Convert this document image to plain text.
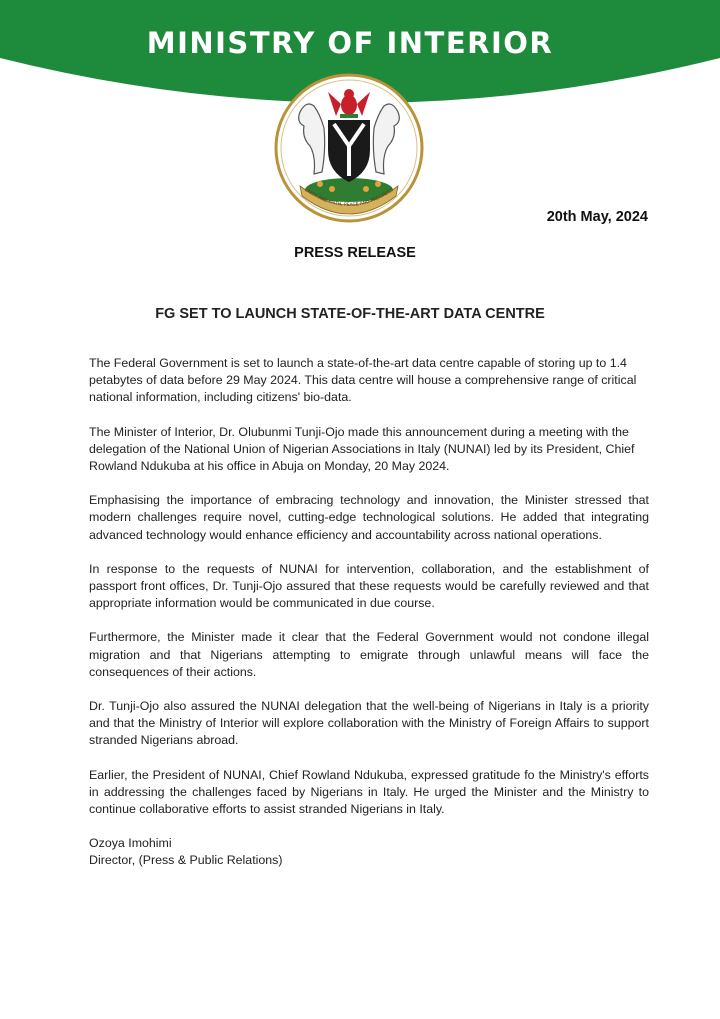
MINISTRY OF INTERIOR
UNITY AND FAITH, PEACE AND PROGRESS
20th May, 2024
PRESS RELEASE
FG SET TO LAUNCH STATE-OF-THE-ART DATA CENTRE

The Federal Government is set to launch a state-of-the-art data centre capable of storing up to 1.4 petabytes of data before 29 May 2024. This data centre will house a comprehensive range of critical national information, including citizens' bio-data.

The Minister of Interior, Dr. Olubunmi Tunji-Ojo made this announcement during a meeting with the delegation of the National Union of Nigerian Associations in Italy (NUNAI) led by its President, Chief Rowland Ndukuba at his office in Abuja on Monday, 20 May 2024.

Emphasising the importance of embracing technology and innovation, the Minister stressed that modern challenges require novel, cutting-edge technological solutions. He added that integrating advanced technology would enhance efficiency and accountability across national operations.

In response to the requests of NUNAI for intervention, collaboration, and the establishment of passport front offices, Dr. Tunji-Ojo assured that these requests would be carefully reviewed and that appropriate information would be communicated in due course.

Furthermore, the Minister made it clear that the Federal Government would not condone illegal migration and that Nigerians attempting to emigrate through unlawful means will face the consequences of their actions.

Dr. Tunji-Ojo also assured the NUNAI delegation that the well-being of Nigerians in Italy is a priority and that the Ministry of Interior will explore collaboration with the Ministry of Foreign Affairs to support stranded Nigerians abroad.

Earlier, the President of NUNAI, Chief Rowland Ndukuba, expressed gratitude fo the Ministry's efforts in addressing the challenges faced by Nigerians in Italy. He urged the Minister and the Ministry to continue collaborative efforts to assist stranded Nigerians in Italy.

Ozoya Imohimi
Director, (Press & Public Relations)
